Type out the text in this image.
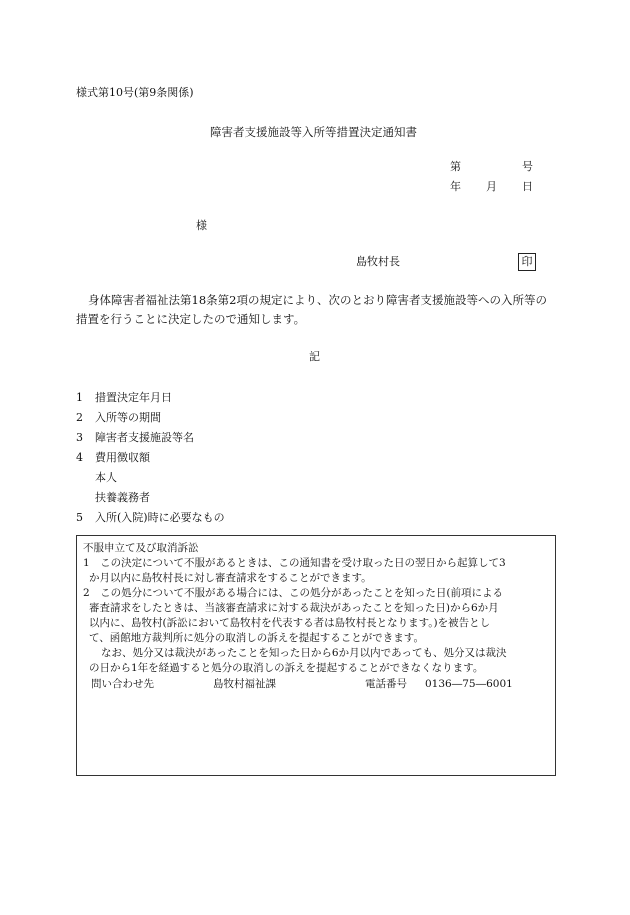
様式第10号(第9条関係)
障害者支援施設等入所等措置決定通知書
第	号
年 月 日
様
島牧村長	印
身体障害者福祉法第18条第2項の規定により、次のとおり障害者支援施設等への入所等の
措置を行うことに決定したので通知します。
記
1	措置決定年月日
2	入所等の期間
3	障害者支援施設等名
4	費用徴収額
本人
扶養義務者
5	入所(入院)時に必要なもの
不服申立て及び取消訴訟
1　この決定について不服があるときは、この通知書を受け取った日の翌日から起算して3
か月以内に島牧村長に対し審査請求をすることができます。
2　この処分について不服がある場合には、この処分があったことを知った日(前項による
審査請求をしたときは、当該審査請求に対する裁決があったことを知った日)から6か月
以内に、島牧村(訴訟において島牧村を代表する者は島牧村長となります。)を被告とし
て、函館地方裁判所に処分の取消しの訴えを提起することができます。
なお、処分又は裁決があったことを知った日から6か月以内であっても、処分又は裁決
の日から1年を経過すると処分の取消しの訴えを提起することができなくなります。
問い合わせ先	島牧村福祉課	電話番号 0136―75―6001
